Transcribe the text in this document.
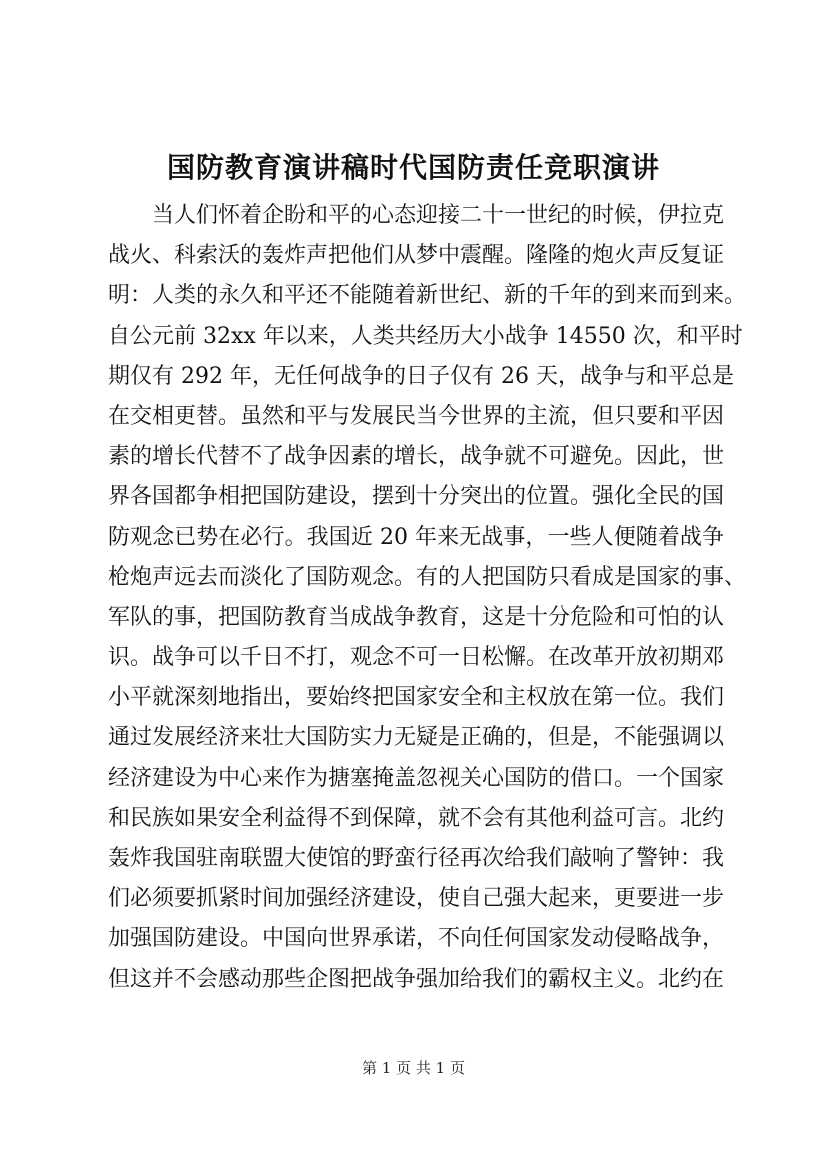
国防教育演讲稿时代国防责任竞职演讲
当人们怀着企盼和平的心态迎接二十一世纪的时候，伊拉克
战火、科索沃的轰炸声把他们从梦中震醒。隆隆的炮火声反复证
明：人类的永久和平还不能随着新世纪、新的千年的到来而到来。
自公元前 32xx 年以来，人类共经历大小战争 14550 次，和平时
期仅有 292 年，无任何战争的日子仅有 26 天，战争与和平总是
在交相更替。虽然和平与发展民当今世界的主流，但只要和平因
素的增长代替不了战争因素的增长，战争就不可避免。因此，世
界各国都争相把国防建设，摆到十分突出的位置。强化全民的国
防观念已势在必行。我国近 20 年来无战事，一些人便随着战争
枪炮声远去而淡化了国防观念。有的人把国防只看成是国家的事、
军队的事，把国防教育当成战争教育，这是十分危险和可怕的认
识。战争可以千日不打，观念不可一日松懈。在改革开放初期邓
小平就深刻地指出，要始终把国家安全和主权放在第一位。我们
通过发展经济来壮大国防实力无疑是正确的，但是，不能强调以
经济建设为中心来作为搪塞掩盖忽视关心国防的借口。一个国家
和民族如果安全利益得不到保障，就不会有其他利益可言。北约
轰炸我国驻南联盟大使馆的野蛮行径再次给我们敲响了警钟：我
们必须要抓紧时间加强经济建设，使自己强大起来，更要进一步
加强国防建设。中国向世界承诺，不向任何国家发动侵略战争，
但这并不会感动那些企图把战争强加给我们的霸权主义。北约在
第 1 页 共 1 页
